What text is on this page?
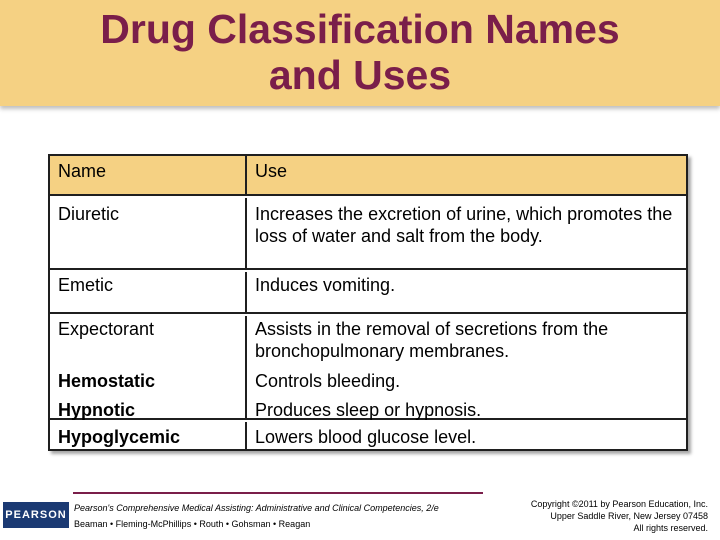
Drug Classification Names
and Uses
Name	Use
Diuretic
Emetic
Increases the excretion of urine, which promotes the loss of water and salt from the body.
Induces vomiting.
Expectorant
Hemostatic
Hypnotic
Assists in the removal of secretions from the bronchopulmonary membranes.
Controls bleeding.
Produces sleep or hypnosis.
Hypoglycemic	Lowers blood glucose level.
PEARSON
Pearson's Comprehensive Medical Assisting: Administrative and Clinical Competencies, 2/e
Beaman • Fleming-McPhillips • Routh • Gohsman • Reagan
Copyright ©2011 by Pearson Education, Inc.
Upper Saddle River, New Jersey 07458
All rights reserved.
